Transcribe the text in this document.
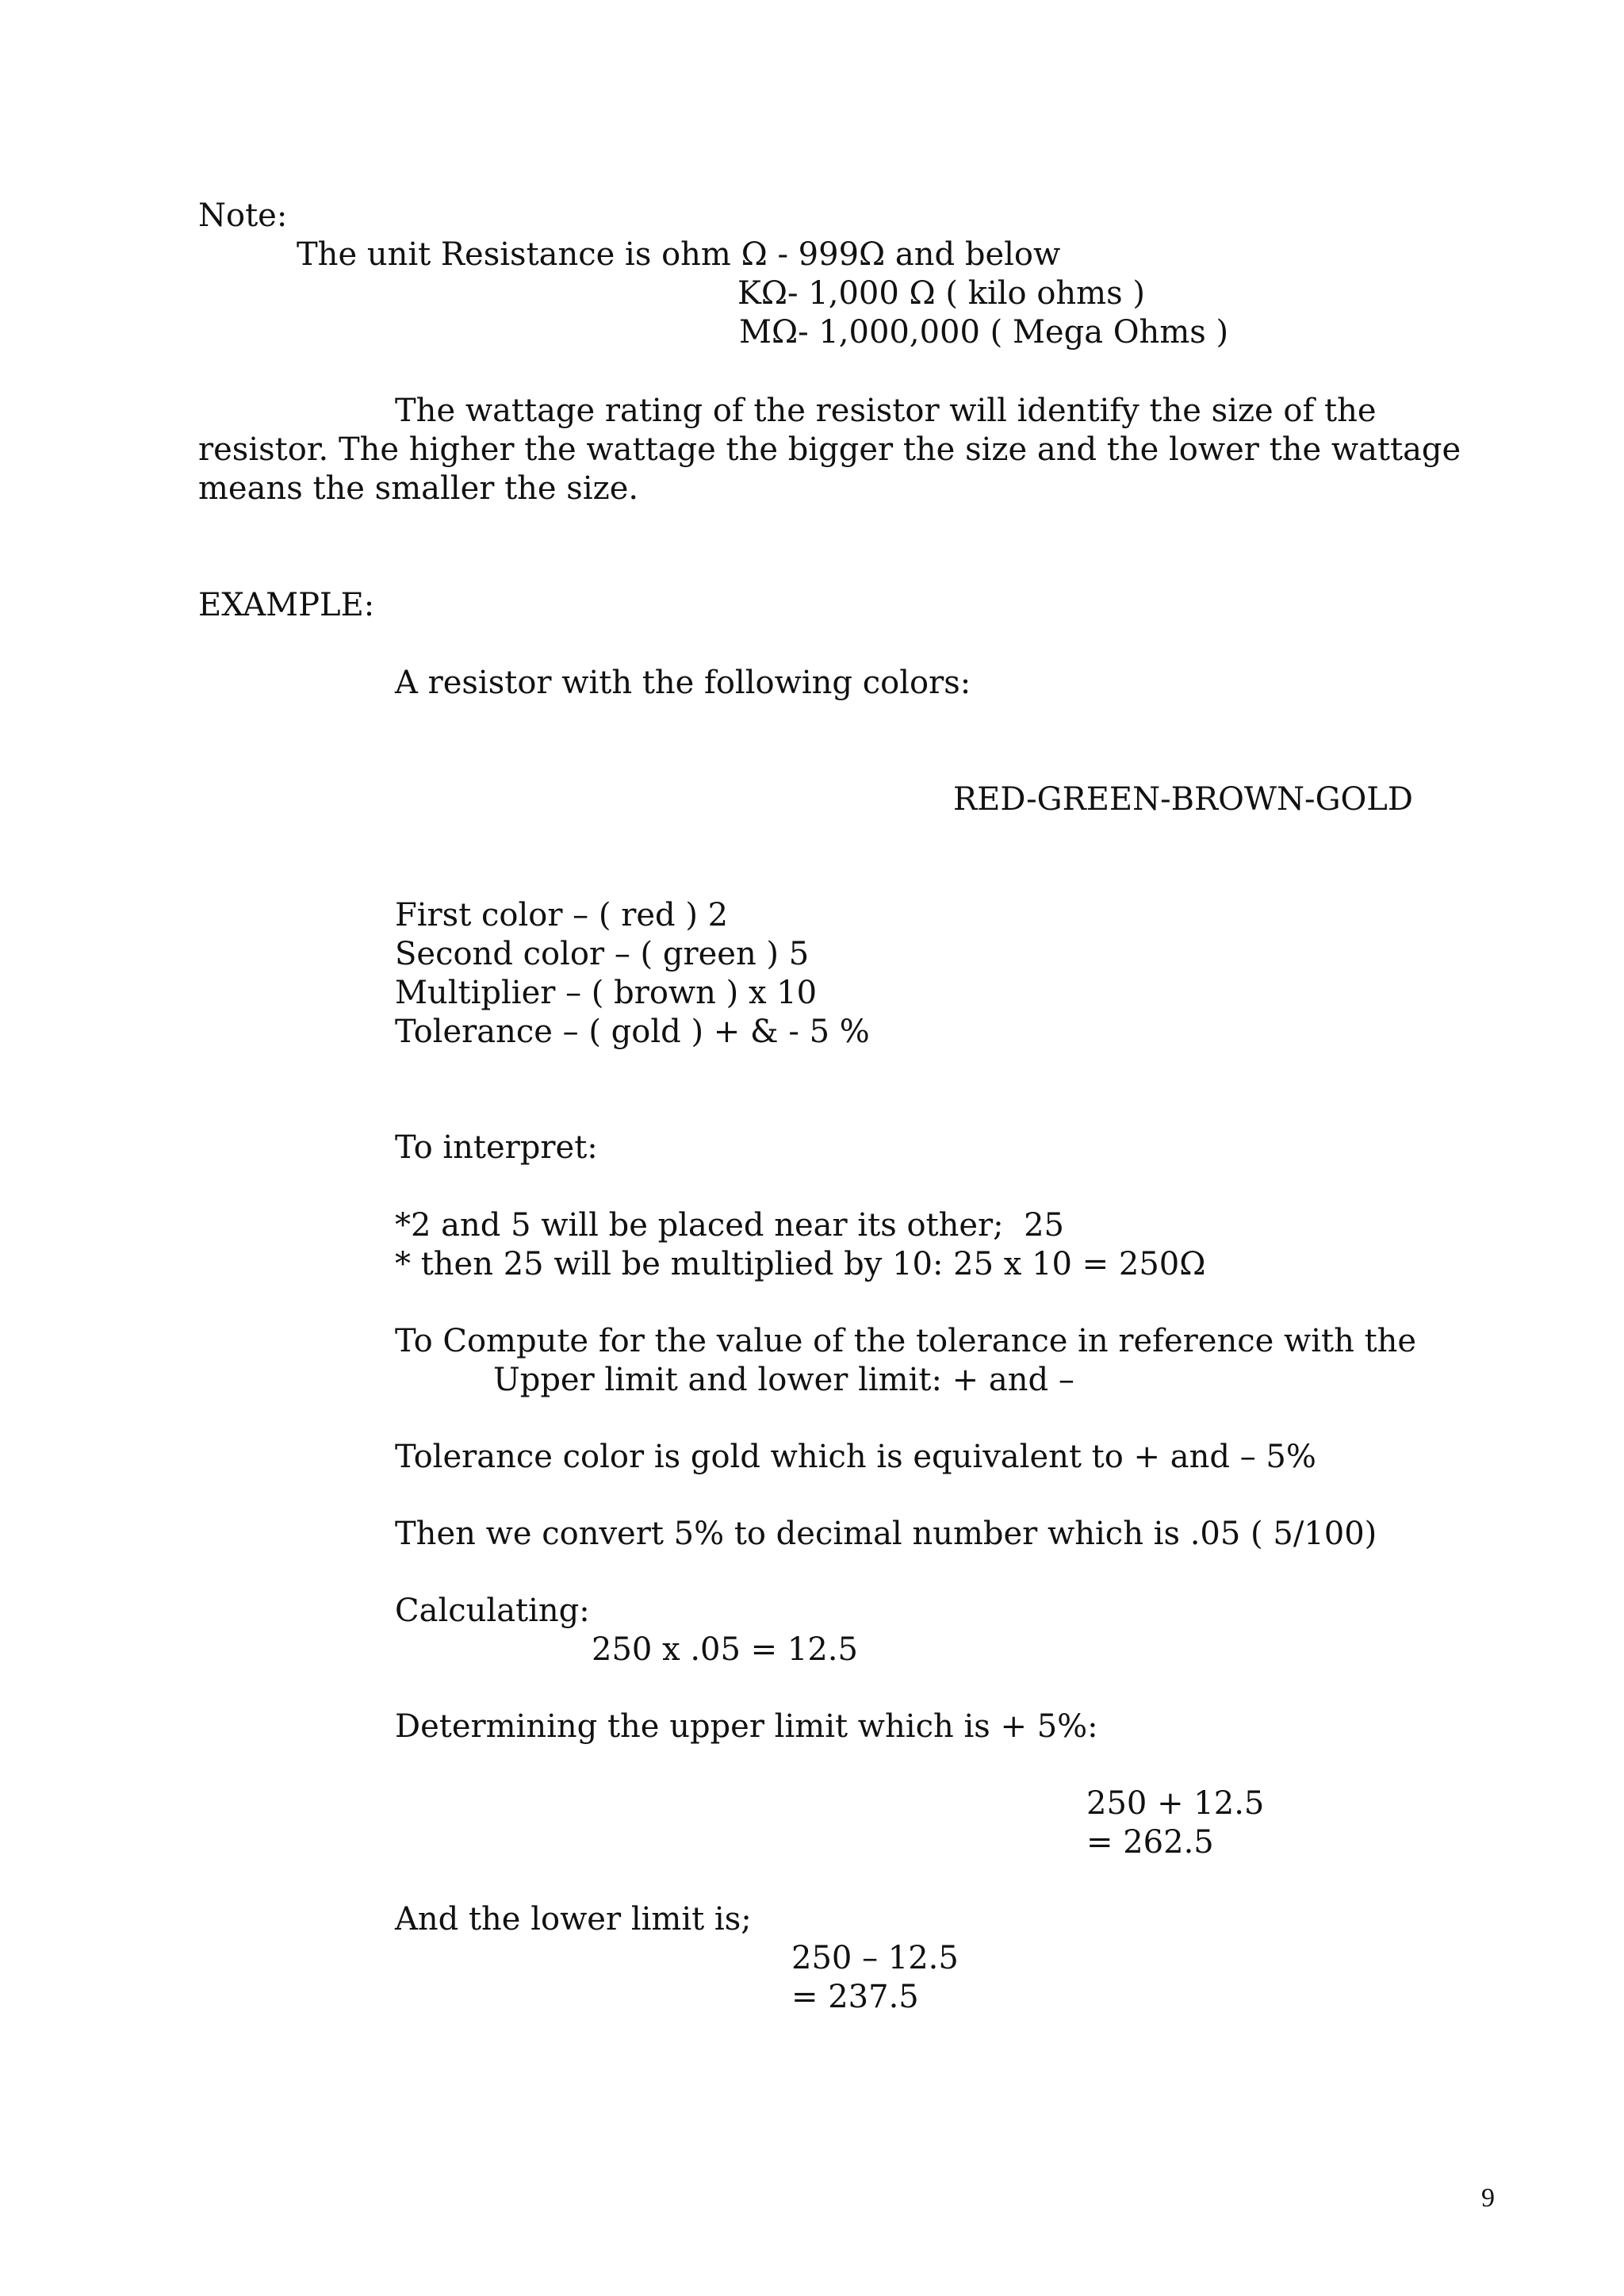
Note:

The unit Resistance is ohm Ω - 999Ω and below

KΩ- 1,000 Ω ( kilo ohms )

MΩ- 1,000,000 ( Mega Ohms )

The wattage rating of the resistor will identify the size of the

resistor. The higher the wattage the bigger the size and the lower the wattage

means the smaller the size.

EXAMPLE:

A resistor with the following colors:

RED-GREEN-BROWN-GOLD

First color – ( red ) 2

Second color – ( green ) 5

Multiplier – ( brown ) x 10

Tolerance – ( gold ) + & - 5 %

To interpret:

*2 and 5 will be placed near its other;  25

* then 25 will be multiplied by 10: 25 x 10 = 250Ω

To Compute for the value of the tolerance in reference with the

Upper limit and lower limit: + and –

Tolerance color is gold which is equivalent to + and – 5%

Then we convert 5% to decimal number which is .05 ( 5/100)

Calculating:

250 x .05 = 12.5

Determining the upper limit which is + 5%:

250 + 12.5

= 262.5

And the lower limit is;

250 – 12.5

= 237.5

9
